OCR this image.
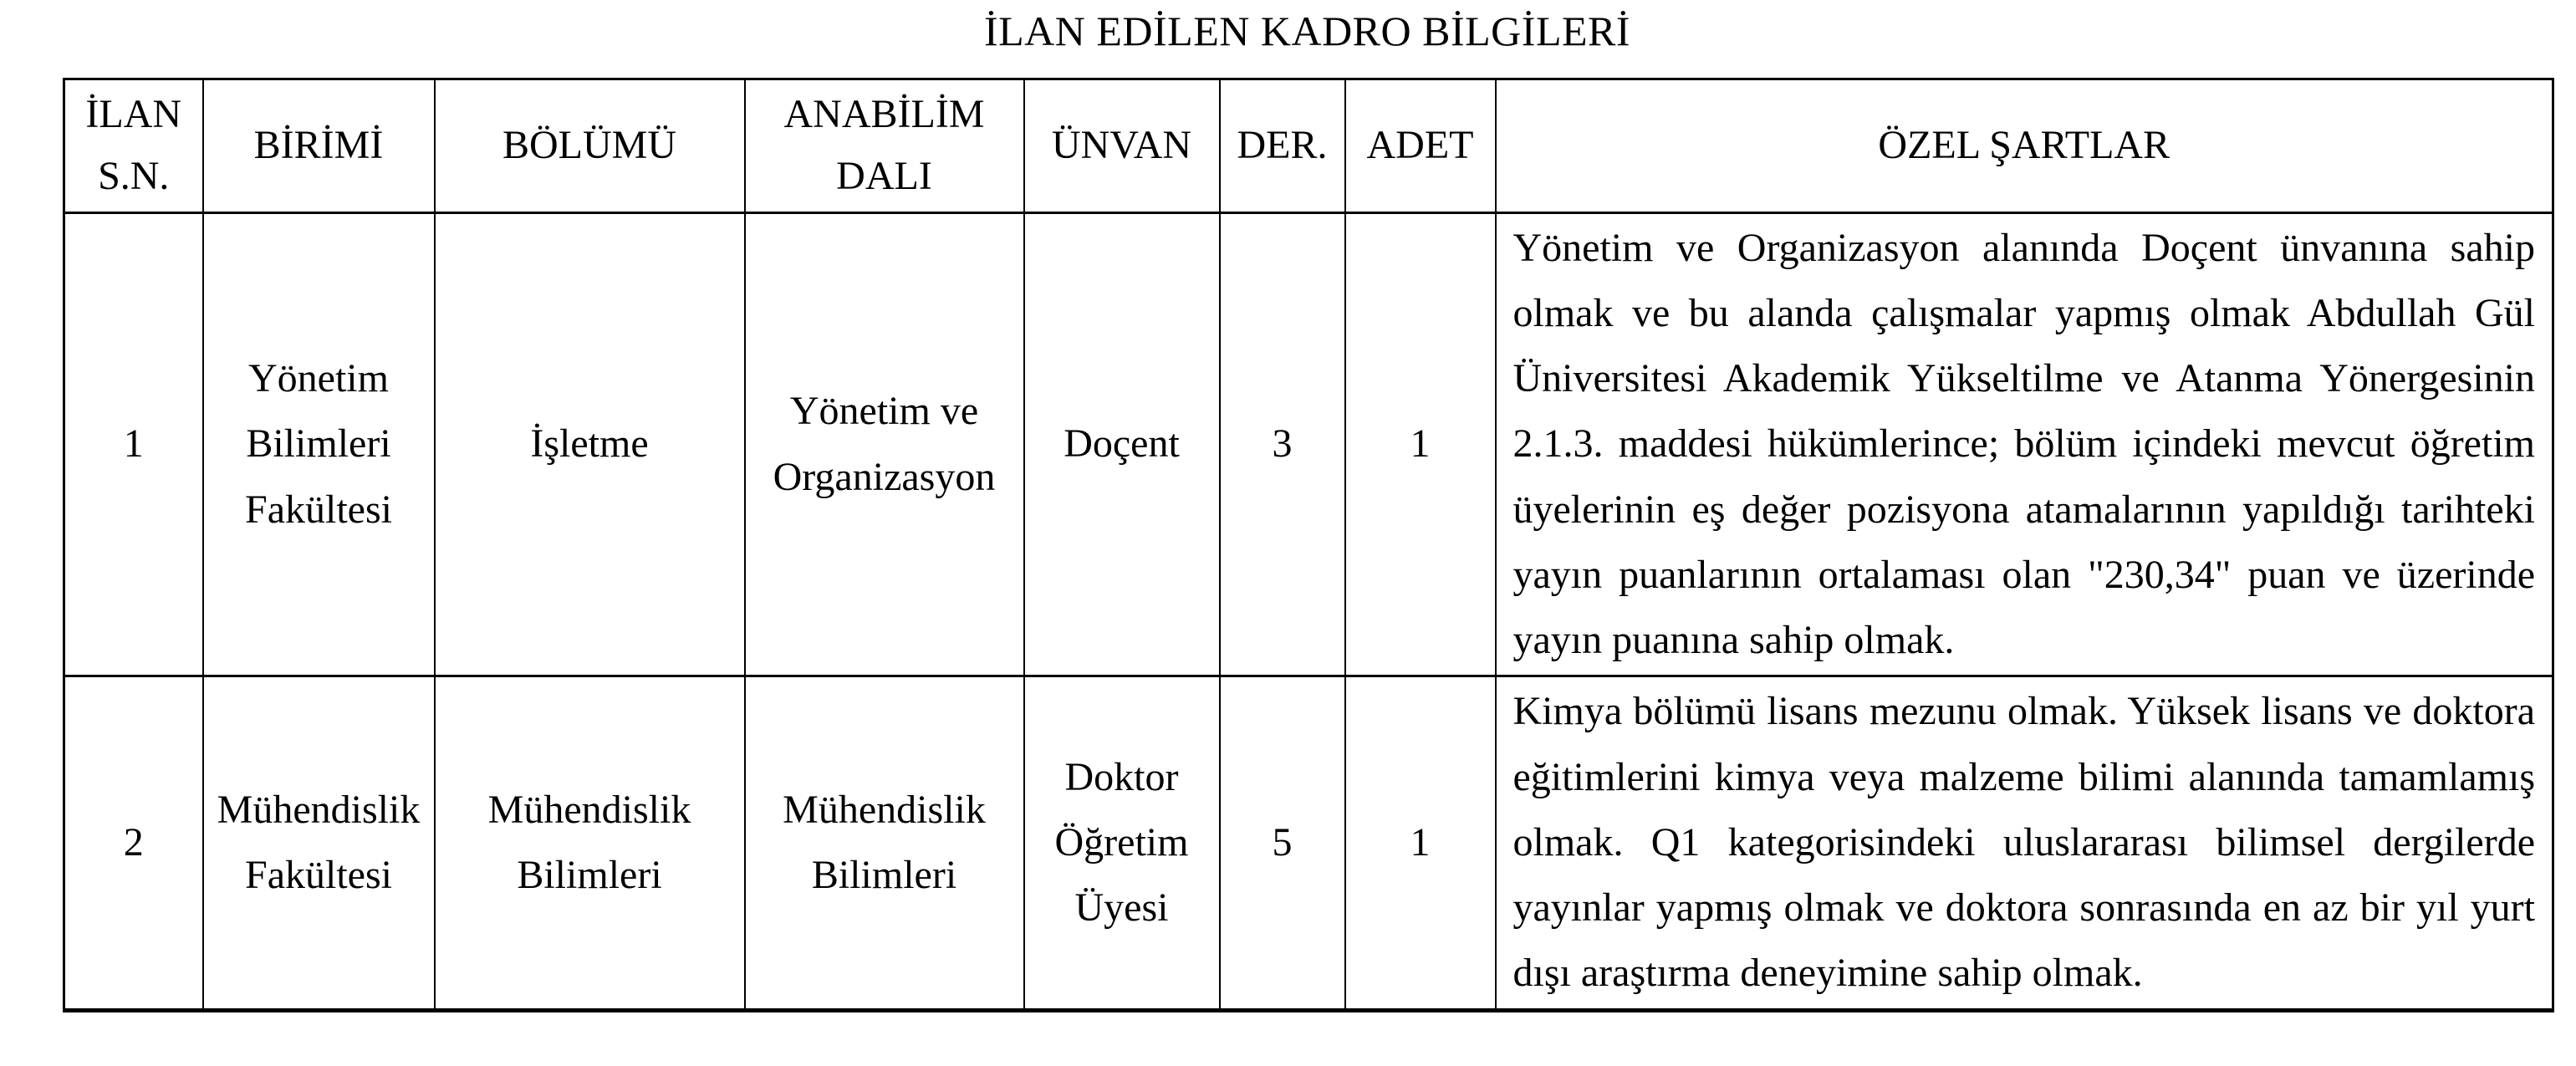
İLAN EDİLEN KADRO BİLGİLERİ
İLAN S.N.	BİRİMİ	BÖLÜMÜ	ANABİLİM DALI	ÜNVAN	DER.	ADET	ÖZEL ŞARTLAR
1	Yönetim Bilimleri Fakültesi	İşletme	Yönetim ve Organizasyon	Doçent	3	1	Yönetim ve Organizasyon alanında Doçent ünvanına sahip olmak ve bu alanda çalışmalar yapmış olmak Abdullah Gül Üniversitesi Akademik Yükseltilme ve Atanma Yönergesinin 2.1.3. maddesi hükümlerince; bölüm içindeki mevcut öğretim üyelerinin eş değer pozisyona atamalarının yapıldığı tarihteki yayın puanlarının ortalaması olan "230,34" puan ve üzerinde yayın puanına sahip olmak.
2	Mühendislik Fakültesi	Mühendislik Bilimleri	Mühendislik Bilimleri	Doktor Öğretim Üyesi	5	1	Kimya bölümü lisans mezunu olmak. Yüksek lisans ve doktora eğitimlerini kimya veya malzeme bilimi alanında tamamlamış olmak. Q1 kategorisindeki uluslararası bilimsel dergilerde yayınlar yapmış olmak ve doktora sonrasında en az bir yıl yurt dışı araştırma deneyimine sahip olmak.
